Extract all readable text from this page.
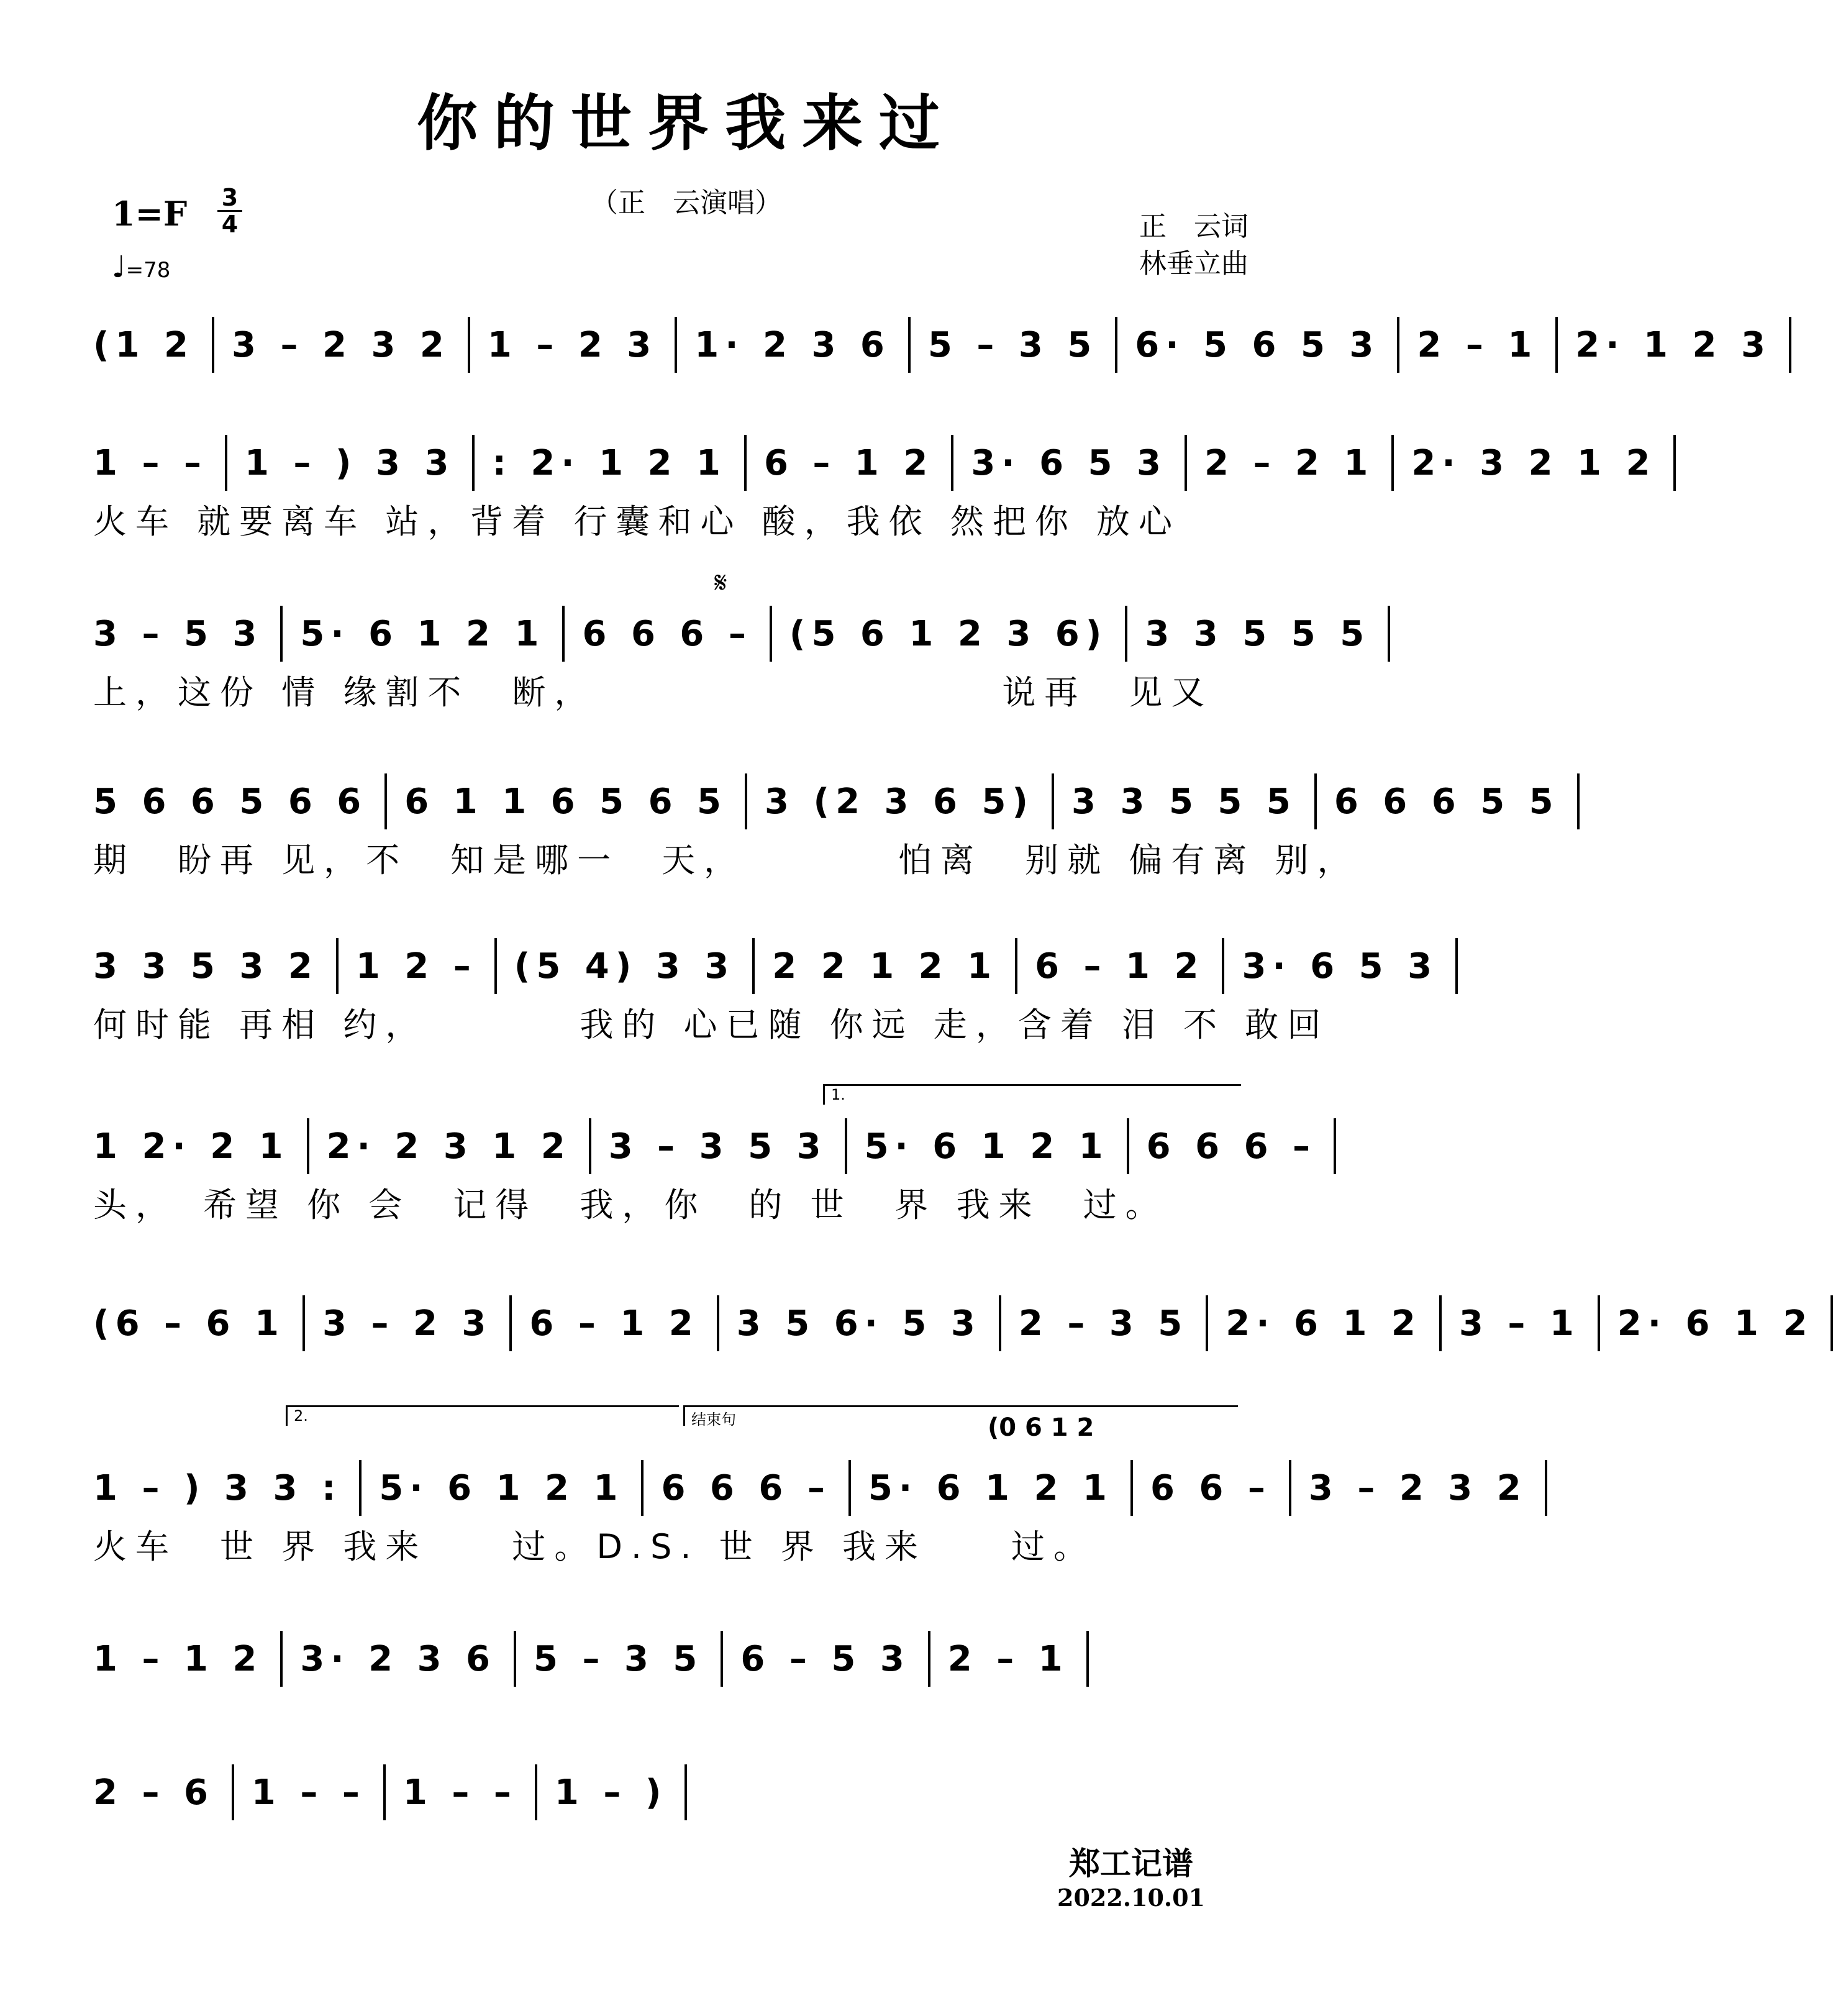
你的世界我来过
（正　云演唱）
$1=F \frac{3}{4}$
♩=78
正　云词
林垂立曲
𝄋
(1 2 3 – 2 3 2 1 – 2 3 1· 2 3 6 5 – 3 5 6· 5 6 5 3 2 – 1 2· 1 2 3
1 – – 1 – ) 3 3 : 2· 1 2 1 6 – 1 2 3· 6 5 3 2 – 2 1 2· 3 2 1 2
火车 就要离车 站，背着 行囊和心 酸，我依 然把你 放心
3 – 5 3 5· 6 1 2 1 6 6 6 – (5 6 1 2 3 6) 3 3 5 5 5
上，这份 情 缘割不　断，　　　　　　　　　　说再　见又
5 6 6 5 6 6 6 1 1 6 5 6 5 3 (2 3 6 5) 3 3 5 5 5 6 6 6 5 5
期　盼再 见，不　知是哪一　天，　　　　怕离　别就 偏有离 别，
3 3 5 3 2 1 2 – (5 4) 3 3 2 2 1 2 1 6 – 1 2 3· 6 5 3
何时能 再相 约，　　　　我的 心已随 你远 走，含着 泪 不 敢回
1 2· 2 1 2· 2 3 1 2 3 – 3 5 3 5· 6 1 2 1 6 6 6 –
头，　希望 你 会　记得　我，你　的 世　界 我来　过。
(6 – 6 1 3 – 2 3 6 – 1 2 3 5 6· 5 3 2 – 3 5 2· 6 1 2 3 – 1 2· 6 1 2
1 – ) 3 3 : 5· 6 1 2 1 6 6 6 – 5· 6 1 2 1 6 6 – 3 – 2 3 2
火车　世 界 我来　　过。D.S. 世 界 我来　　过。
1 – 1 2 3· 2 3 6 5 – 3 5 6 – 5 3 2 – 1
2 – 6 1 – – 1 – – 1 – )
1.
2.	结束句	(0 6 1 2
郑工记谱
2022.10.01
